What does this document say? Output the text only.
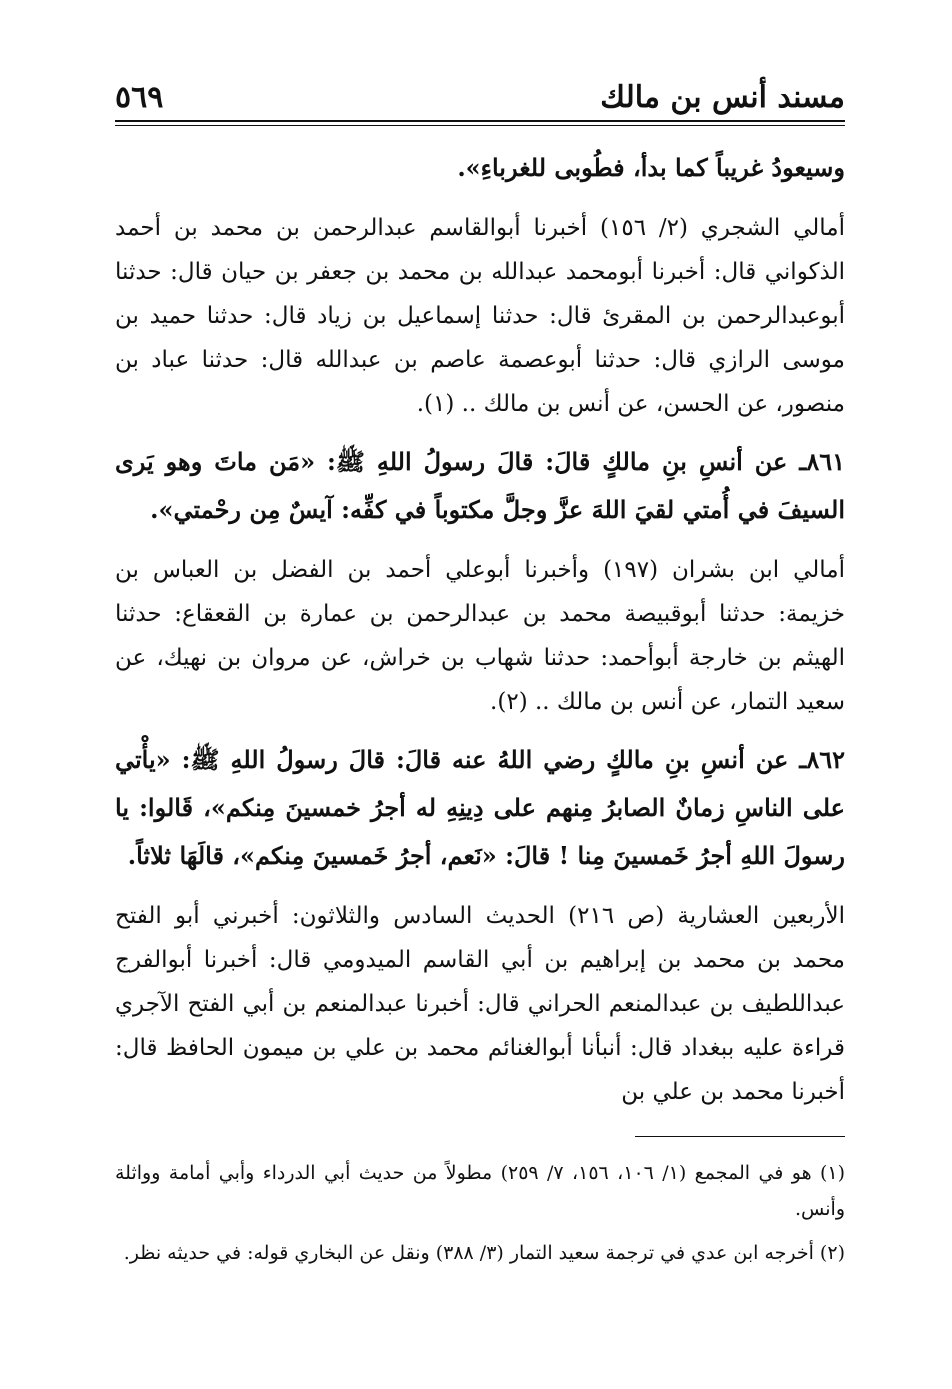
مسند أنس بن مالك
٥٦٩

وسيعودُ غريباً كما بدأ، فطُوبى للغرباءِ».

أمالي الشجري (٢/ ١٥٦) أخبرنا أبوالقاسم عبدالرحمن بن محمد بن أحمد الذكواني قال: أخبرنا أبومحمد عبدالله بن محمد بن جعفر بن حيان قال: حدثنا أبوعبدالرحمن بن المقرئ قال: حدثنا إسماعيل بن زياد قال: حدثنا حميد بن موسى الرازي قال: حدثنا أبوعصمة عاصم بن عبدالله قال: حدثنا عباد بن منصور، عن الحسن، عن أنس بن مالك .. (١).

٨٦١ـ عن أنسِ بنِ مالكٍ قالَ: قالَ رسولُ اللهِ ﷺ: «مَن ماتَ وهو يَرى السيفَ في أُمتي لقيَ اللهَ عزَّ وجلَّ مكتوباً في كفِّه: آيسٌ مِن رحْمتي».

أمالي ابن بشران (١٩٧) وأخبرنا أبوعلي أحمد بن الفضل بن العباس بن خزيمة: حدثنا أبوقبيصة محمد بن عبدالرحمن بن عمارة بن القعقاع: حدثنا الهيثم بن خارجة أبوأحمد: حدثنا شهاب بن خراش، عن مروان بن نهيك، عن سعيد التمار، عن أنس بن مالك .. (٢).

٨٦٢ـ عن أنسِ بنِ مالكٍ رضي اللهُ عنه قالَ: قالَ رسولُ اللهِ ﷺ: «يأْتي على الناسِ زمانٌ الصابرُ مِنهم على دِينِهِ له أجرُ خمسينَ مِنكم»، قَالوا: يا رسولَ اللهِ أجرُ خَمسينَ مِنا ! قالَ: «نَعم، أجرُ خَمسينَ مِنكم»، قالَهَا ثلاثاً.

الأربعين العشارية (ص ٢١٦) الحديث السادس والثلاثون: أخبرني أبو الفتح محمد بن محمد بن إبراهيم بن أبي القاسم الميدومي قال: أخبرنا أبوالفرج عبداللطيف بن عبدالمنعم الحراني قال: أخبرنا عبدالمنعم بن أبي الفتح الآجري قراءة عليه ببغداد قال: أنبأنا أبوالغنائم محمد بن علي بن ميمون الحافظ قال: أخبرنا محمد بن علي بن

(١) هو في المجمع (١/ ١٠٦، ١٥٦، ٧/ ٢٥٩) مطولاً من حديث أبي الدرداء وأبي أمامة وواثلة وأنس.

(٢) أخرجه ابن عدي في ترجمة سعيد التمار (٣/ ٣٨٨) ونقل عن البخاري قوله: في حديثه نظر.
